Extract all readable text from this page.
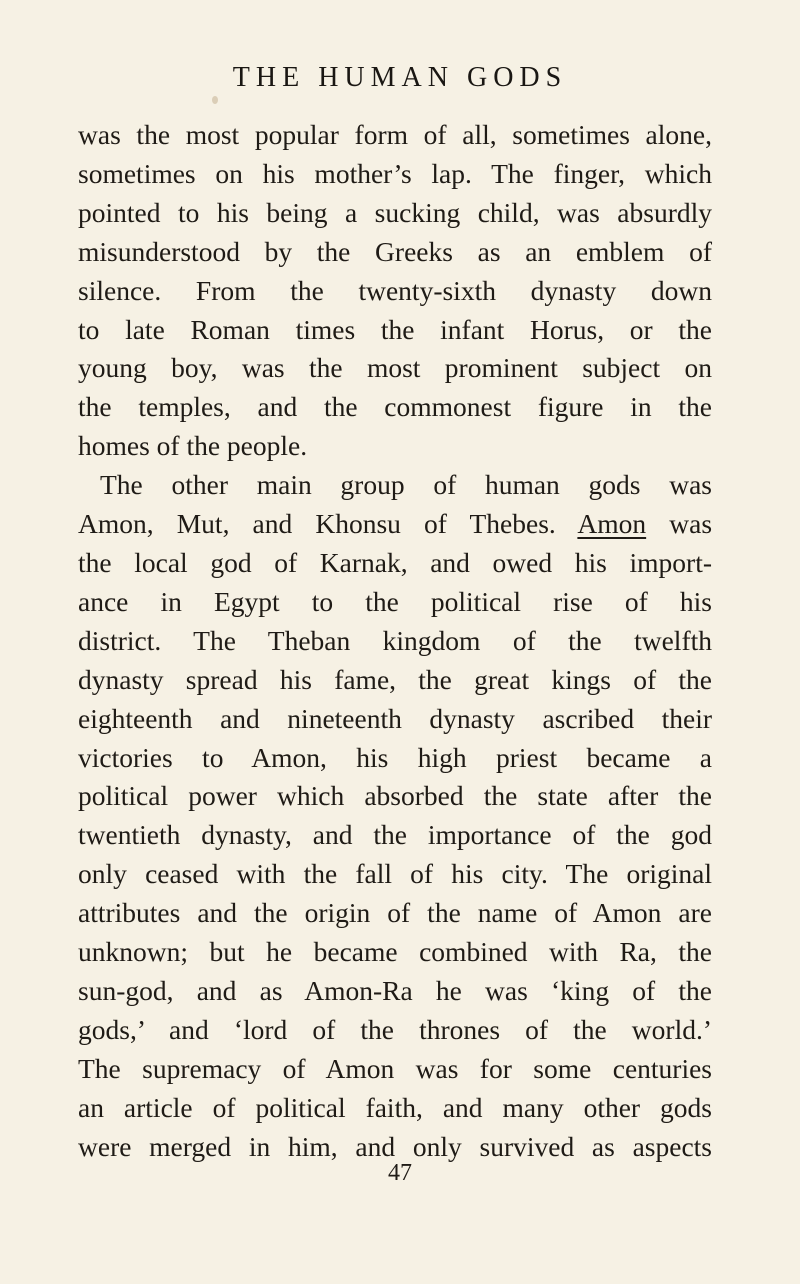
THE HUMAN GODS
was the most popular form of all, sometimes alone,
sometimes on his mother’s lap. The finger, which
pointed to his being a sucking child, was absurdly
misunderstood by the Greeks as an emblem of
silence. From the twenty-sixth dynasty down
to late Roman times the infant Horus, or the
young boy, was the most prominent subject on
the temples, and the commonest figure in the
homes of the people.
The other main group of human gods was
Amon, Mut, and Khonsu of Thebes. Amon was
the local god of Karnak, and owed his import-
ance in Egypt to the political rise of his
district. The Theban kingdom of the twelfth
dynasty spread his fame, the great kings of the
eighteenth and nineteenth dynasty ascribed their
victories to Amon, his high priest became a
political power which absorbed the state after the
twentieth dynasty, and the importance of the god
only ceased with the fall of his city. The original
attributes and the origin of the name of Amon are
unknown; but he became combined with Ra, the
sun-god, and as Amon-Ra he was ‘king of the
gods,’ and ‘lord of the thrones of the world.’
The supremacy of Amon was for some centuries
an article of political faith, and many other gods
were merged in him, and only survived as aspects
47
